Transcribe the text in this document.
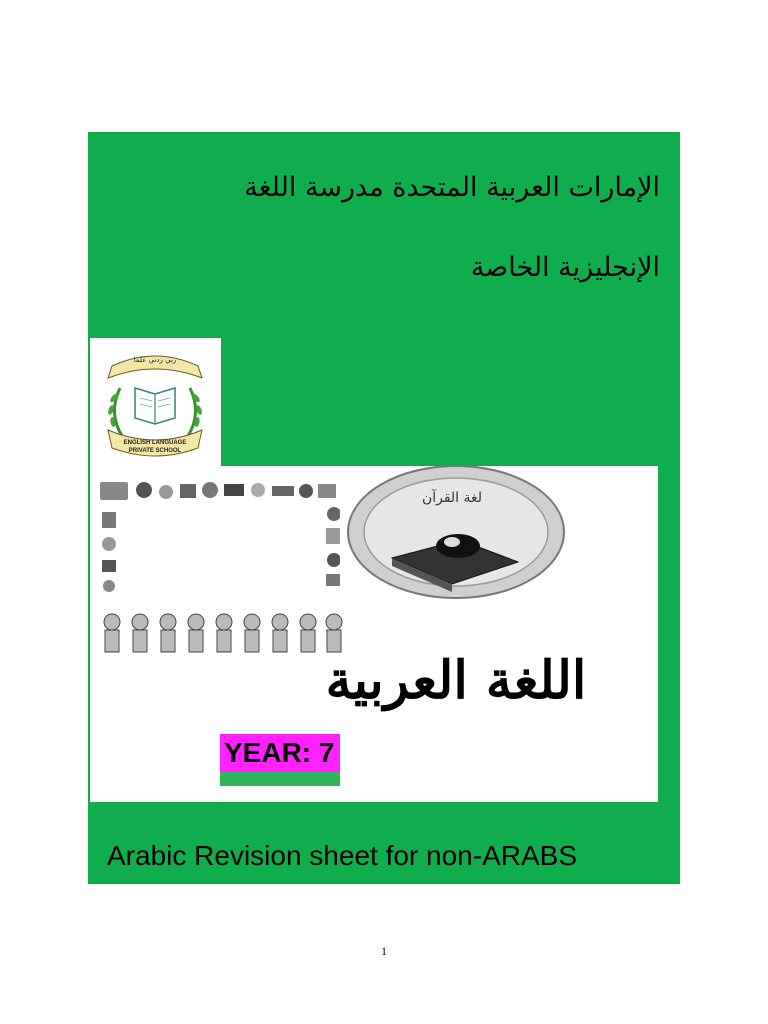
الإمارات العربية المتحدة مدرسة اللغة
الإنجليزية الخاصة
ربي زدني علما
ENGLISH LANGUAGE
PRIVATE SCHOOL
لغة القرآن
اللغة العربية
YEAR: 7
Arabic Revision sheet for non-ARABS
1
